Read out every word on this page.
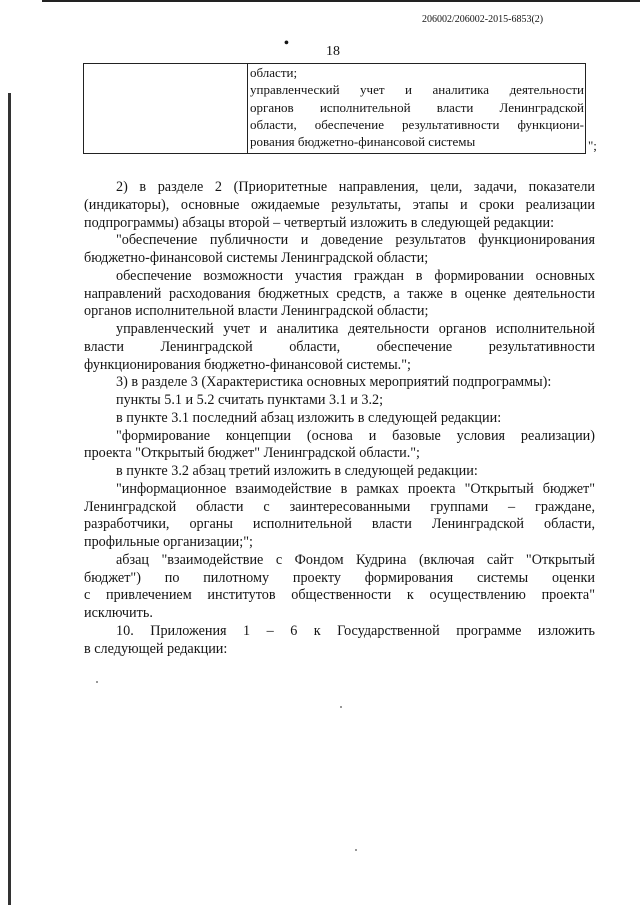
206002/206002-2015-6853(2)
•
18
области;
управленческий учет и аналитика деятельности
органов исполнительной власти Ленинградской
области, обеспечение результативности функциони-
рования бюджетно-финансовой системы	";
2) в разделе 2 (Приоритетные направления, цели, задачи, показатели
(индикаторы), основные ожидаемые результаты, этапы и сроки реализации
подпрограммы) абзацы второй – четвертый изложить в следующей редакции:
"обеспечение публичности и доведение результатов функционирования
бюджетно-финансовой системы Ленинградской области;
обеспечение возможности участия граждан в формировании основных
направлений расходования бюджетных средств, а также в оценке деятельности
органов исполнительной власти Ленинградской области;
управленческий учет и аналитика деятельности органов исполнительной
власти Ленинградской области, обеспечение результативности
функционирования бюджетно-финансовой системы.";
3) в разделе 3 (Характеристика основных мероприятий подпрограммы):
пункты 5.1 и 5.2 считать пунктами 3.1 и 3.2;
в пункте 3.1 последний абзац изложить в следующей редакции:
"формирование концепции (основа и базовые условия реализации)
проекта "Открытый бюджет" Ленинградской области.";
в пункте 3.2 абзац третий изложить в следующей редакции:
"информационное взаимодействие в рамках проекта "Открытый бюджет"
Ленинградской области с заинтересованными группами – граждане,
разработчики, органы исполнительной власти Ленинградской области,
профильные организации;";
абзац "взаимодействие с Фондом Кудрина (включая сайт "Открытый
бюджет") по пилотному проекту формирования системы оценки
с привлечением институтов общественности к осуществлению проекта"
исключить.
10. Приложения 1 – 6 к Государственной программе изложить
в следующей редакции:
